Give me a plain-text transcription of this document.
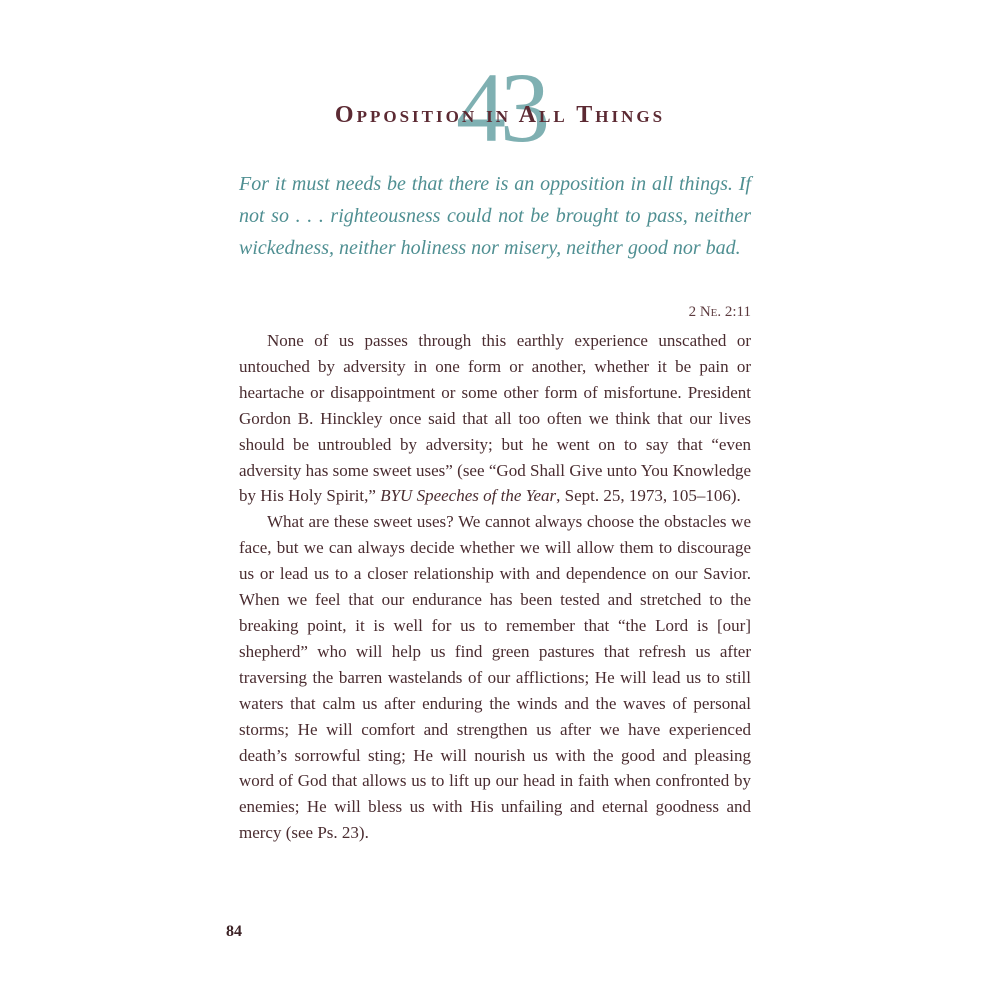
43
Opposition in All Things

For it must needs be that there is an opposition in all things. If not so . . . righteousness could not be brought to pass, neither wickedness, neither holiness nor misery, neither good nor bad.

2 Ne. 2:11

None of us passes through this earthly experience unscathed or untouched by adversity in one form or another, whether it be pain or heartache or disappointment or some other form of misfortune. President Gordon B. Hinckley once said that all too often we think that our lives should be untroubled by adversity; but he went on to say that “even adversity has some sweet uses” (see “God Shall Give unto You Knowledge by His Holy Spirit,” BYU Speeches of the Year, Sept. 25, 1973, 105–106).

What are these sweet uses? We cannot always choose the obstacles we face, but we can always decide whether we will allow them to discourage us or lead us to a closer relationship with and dependence on our Savior. When we feel that our endurance has been tested and stretched to the breaking point, it is well for us to remember that “the Lord is [our] shepherd” who will help us find green pastures that refresh us after traversing the barren wastelands of our afflictions; He will lead us to still waters that calm us after enduring the winds and the waves of personal storms; He will comfort and strengthen us after we have experienced death’s sorrowful sting; He will nourish us with the good and pleasing word of God that allows us to lift up our head in faith when confronted by enemies; He will bless us with His unfailing and eternal goodness and mercy (see Ps. 23).

84
